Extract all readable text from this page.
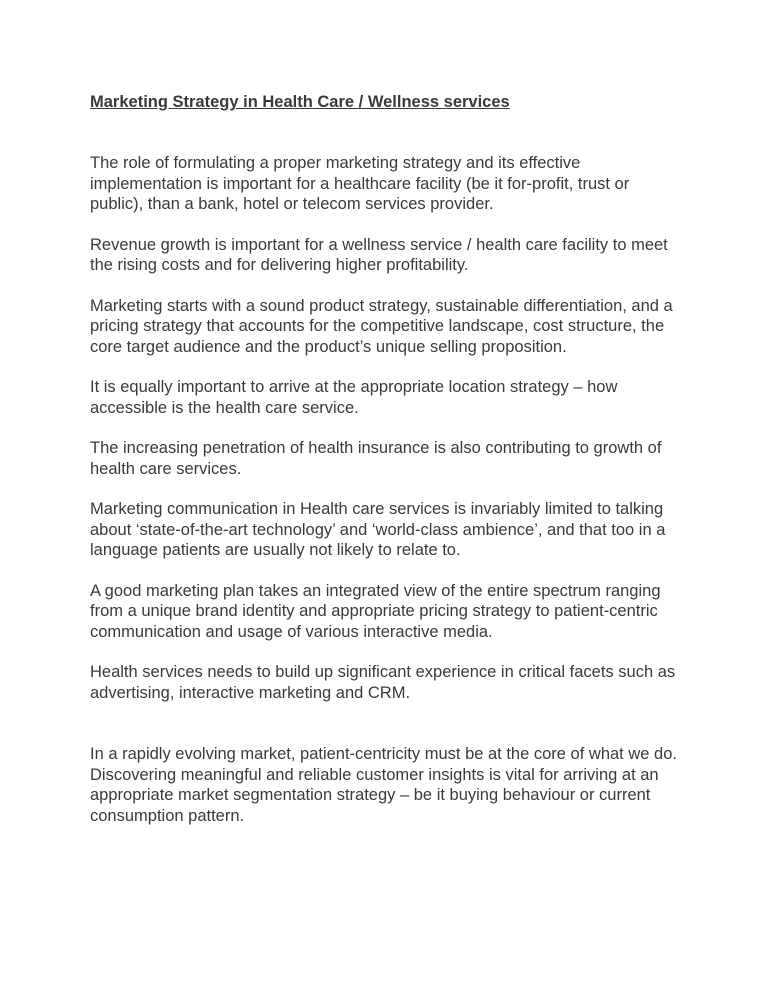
Marketing Strategy in Health Care / Wellness services

The role of formulating a proper marketing strategy and its effective implementation is important for a healthcare facility (be it for-profit, trust or public), than a bank, hotel or telecom services provider.

Revenue growth is important for a wellness service / health care facility to meet the rising costs and for delivering higher profitability.

Marketing starts with a sound product strategy, sustainable differentiation, and a pricing strategy that accounts for the competitive landscape, cost structure, the core target audience and the product’s unique selling proposition.

It is equally important to arrive at the appropriate location strategy – how accessible is the health care service.

The increasing penetration of health insurance is also contributing to growth of health care services.

Marketing communication in Health care services is invariably limited to talking about ‘state-of-the-art technology’ and ‘world-class ambience’, and that too in a language patients are usually not likely to relate to.

A good marketing plan takes an integrated view of the entire spectrum ranging from a unique brand identity and appropriate pricing strategy to patient-centric communication and usage of various interactive media.

Health services needs to build up significant experience in critical facets such as advertising, interactive marketing and CRM.

In a rapidly evolving market, patient-centricity must be at the core of what we do. Discovering meaningful and reliable customer insights is vital for arriving at an appropriate market segmentation strategy – be it buying behaviour or current consumption pattern.
